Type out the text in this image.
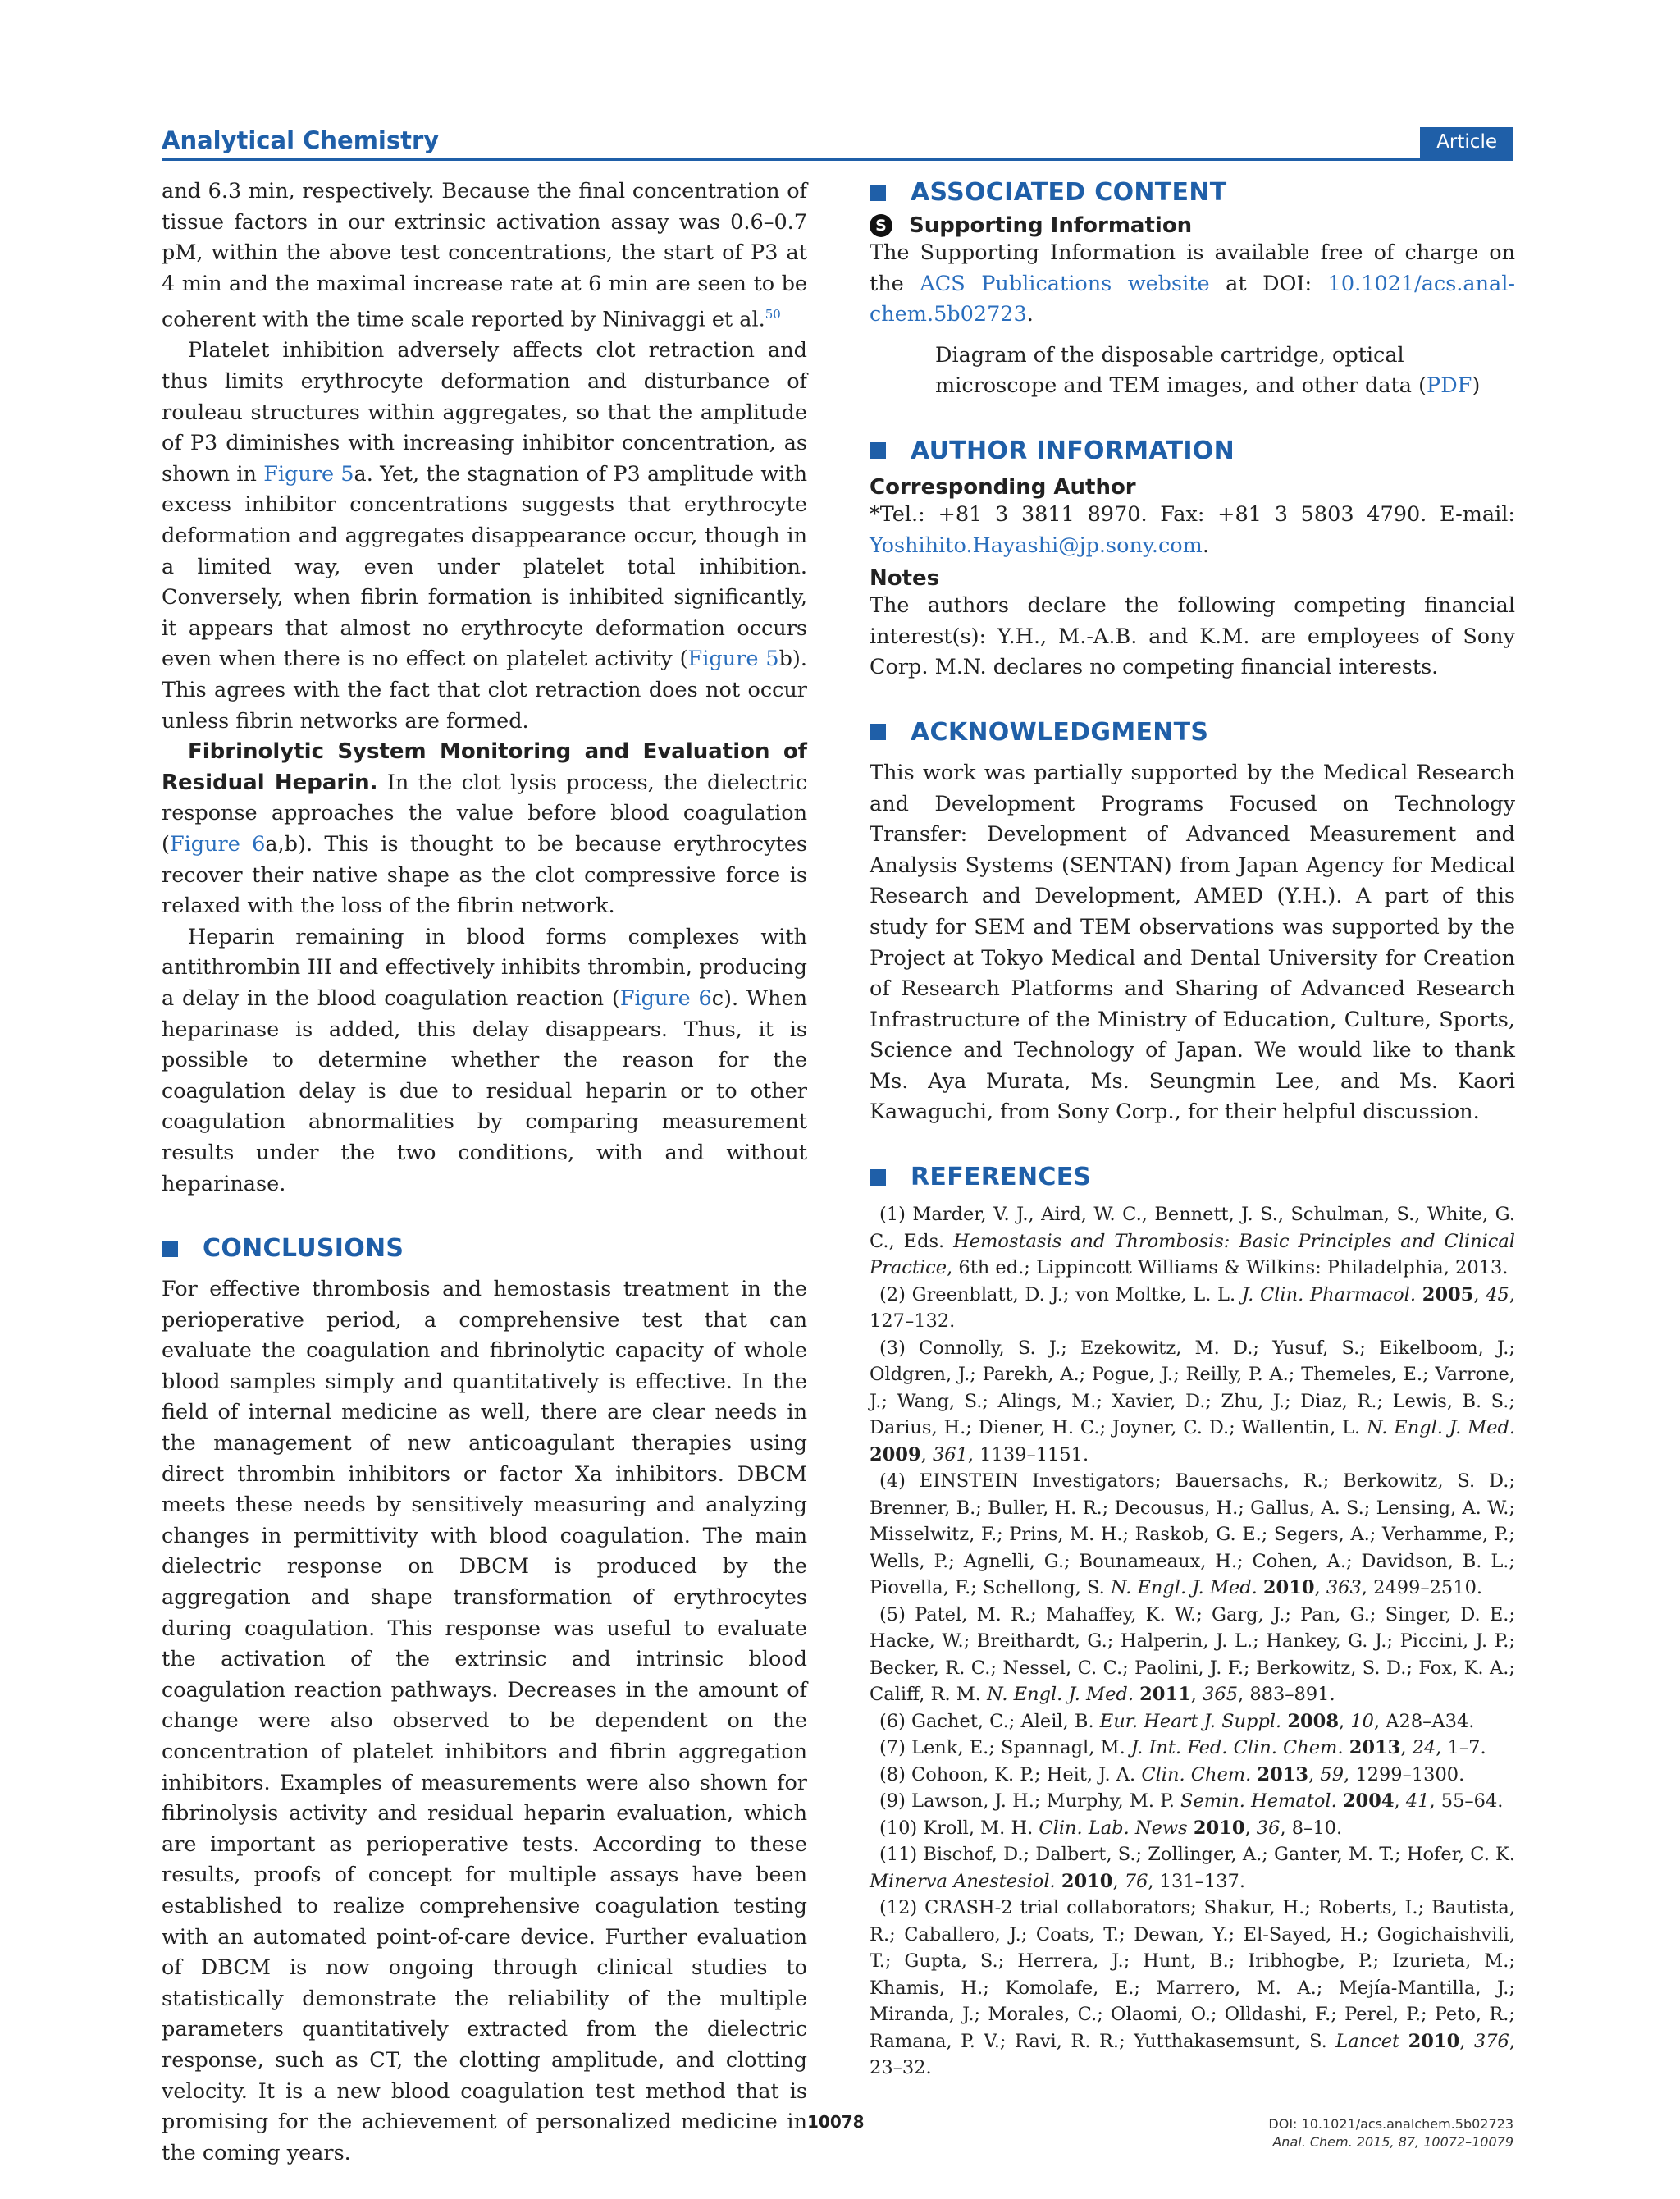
Analytical Chemistry	Article

and 6.3 min, respectively. Because the final concentration of tissue factors in our extrinsic activation assay was 0.6–0.7 pM, within the above test concentrations, the start of P3 at 4 min and the maximal increase rate at 6 min are seen to be coherent with the time scale reported by Ninivaggi et al.$^{50}$

Platelet inhibition adversely affects clot retraction and thus limits erythrocyte deformation and disturbance of rouleau structures within aggregates, so that the amplitude of P3 diminishes with increasing inhibitor concentration, as shown in Figure 5a. Yet, the stagnation of P3 amplitude with excess inhibitor concentrations suggests that erythrocyte deformation and aggregates disappearance occur, though in a limited way, even under platelet total inhibition. Conversely, when fibrin formation is inhibited significantly, it appears that almost no erythrocyte deformation occurs even when there is no effect on platelet activity (Figure 5b). This agrees with the fact that clot retraction does not occur unless fibrin networks are formed.

Fibrinolytic System Monitoring and Evaluation of Residual Heparin. In the clot lysis process, the dielectric response approaches the value before blood coagulation (Figure 6a,b). This is thought to be because erythrocytes recover their native shape as the clot compressive force is relaxed with the loss of the fibrin network.

Heparin remaining in blood forms complexes with antithrombin III and effectively inhibits thrombin, producing a delay in the blood coagulation reaction (Figure 6c). When heparinase is added, this delay disappears. Thus, it is possible to determine whether the reason for the coagulation delay is due to residual heparin or to other coagulation abnormalities by comparing measurement results under the two conditions, with and without heparinase.

CONCLUSIONS

For effective thrombosis and hemostasis treatment in the perioperative period, a comprehensive test that can evaluate the coagulation and fibrinolytic capacity of whole blood samples simply and quantitatively is effective. In the field of internal medicine as well, there are clear needs in the management of new anticoagulant therapies using direct thrombin inhibitors or factor Xa inhibitors. DBCM meets these needs by sensitively measuring and analyzing changes in permittivity with blood coagulation. The main dielectric response on DBCM is produced by the aggregation and shape transformation of erythrocytes during coagulation. This response was useful to evaluate the activation of the extrinsic and intrinsic blood coagulation reaction pathways. Decreases in the amount of change were also observed to be dependent on the concentration of platelet inhibitors and fibrin aggregation inhibitors. Examples of measurements were also shown for fibrinolysis activity and residual heparin evaluation, which are important as perioperative tests. According to these results, proofs of concept for multiple assays have been established to realize comprehensive coagulation testing with an automated point-of-care device. Further evaluation of DBCM is now ongoing through clinical studies to statistically demonstrate the reliability of the multiple parameters quantitatively extracted from the dielectric response, such as CT, the clotting amplitude, and clotting velocity. It is a new blood coagulation test method that is promising for the achievement of personalized medicine in the coming years.

ASSOCIATED CONTENT
S Supporting Information

The Supporting Information is available free of charge on the ACS Publications website at DOI: 10.1021/acs.anal-chem.5b02723.

Diagram of the disposable cartridge, optical microscope and TEM images, and other data (PDF)

AUTHOR INFORMATION
Corresponding Author

*Tel.: +81 3 3811 8970. Fax: +81 3 5803 4790. E-mail: Yoshihito.Hayashi@jp.sony.com.

Notes

The authors declare the following competing financial interest(s): Y.H., M.-A.B. and K.M. are employees of Sony Corp. M.N. declares no competing financial interests.

ACKNOWLEDGMENTS

This work was partially supported by the Medical Research and Development Programs Focused on Technology Transfer: Development of Advanced Measurement and Analysis Systems (SENTAN) from Japan Agency for Medical Research and Development, AMED (Y.H.). A part of this study for SEM and TEM observations was supported by the Project at Tokyo Medical and Dental University for Creation of Research Platforms and Sharing of Advanced Research Infrastructure of the Ministry of Education, Culture, Sports, Science and Technology of Japan. We would like to thank Ms. Aya Murata, Ms. Seungmin Lee, and Ms. Kaori Kawaguchi, from Sony Corp., for their helpful discussion.

REFERENCES

(1) Marder, V. J., Aird, W. C., Bennett, J. S., Schulman, S., White, G. C., Eds. Hemostasis and Thrombosis: Basic Principles and Clinical Practice, 6th ed.; Lippincott Williams & Wilkins: Philadelphia, 2013.

(2) Greenblatt, D. J.; von Moltke, L. L. J. Clin. Pharmacol. 2005, 45, 127–132.

(3) Connolly, S. J.; Ezekowitz, M. D.; Yusuf, S.; Eikelboom, J.; Oldgren, J.; Parekh, A.; Pogue, J.; Reilly, P. A.; Themeles, E.; Varrone, J.; Wang, S.; Alings, M.; Xavier, D.; Zhu, J.; Diaz, R.; Lewis, B. S.; Darius, H.; Diener, H. C.; Joyner, C. D.; Wallentin, L. N. Engl. J. Med. 2009, 361, 1139–1151.

(4) EINSTEIN Investigators; Bauersachs, R.; Berkowitz, S. D.; Brenner, B.; Buller, H. R.; Decousus, H.; Gallus, A. S.; Lensing, A. W.; Misselwitz, F.; Prins, M. H.; Raskob, G. E.; Segers, A.; Verhamme, P.; Wells, P.; Agnelli, G.; Bounameaux, H.; Cohen, A.; Davidson, B. L.; Piovella, F.; Schellong, S. N. Engl. J. Med. 2010, 363, 2499–2510.

(5) Patel, M. R.; Mahaffey, K. W.; Garg, J.; Pan, G.; Singer, D. E.; Hacke, W.; Breithardt, G.; Halperin, J. L.; Hankey, G. J.; Piccini, J. P.; Becker, R. C.; Nessel, C. C.; Paolini, J. F.; Berkowitz, S. D.; Fox, K. A.; Califf, R. M. N. Engl. J. Med. 2011, 365, 883–891.

(6) Gachet, C.; Aleil, B. Eur. Heart J. Suppl. 2008, 10, A28–A34.

(7) Lenk, E.; Spannagl, M. J. Int. Fed. Clin. Chem. 2013, 24, 1–7.

(8) Cohoon, K. P.; Heit, J. A. Clin. Chem. 2013, 59, 1299–1300.

(9) Lawson, J. H.; Murphy, M. P. Semin. Hematol. 2004, 41, 55–64.

(10) Kroll, M. H. Clin. Lab. News 2010, 36, 8–10.

(11) Bischof, D.; Dalbert, S.; Zollinger, A.; Ganter, M. T.; Hofer, C. K. Minerva Anestesiol. 2010, 76, 131–137.

(12) CRASH-2 trial collaborators; Shakur, H.; Roberts, I.; Bautista, R.; Caballero, J.; Coats, T.; Dewan, Y.; El-Sayed, H.; Gogichaishvili, T.; Gupta, S.; Herrera, J.; Hunt, B.; Iribhogbe, P.; Izurieta, M.; Khamis, H.; Komolafe, E.; Marrero, M. A.; Mejía-Mantilla, J.; Miranda, J.; Morales, C.; Olaomi, O.; Olldashi, F.; Perel, P.; Peto, R.; Ramana, P. V.; Ravi, R. R.; Yutthakasemsunt, S. Lancet 2010, 376, 23–32.

10078	DOI: 10.1021/acs.analchem.5b02723
Anal. Chem. 2015, 87, 10072–10079
